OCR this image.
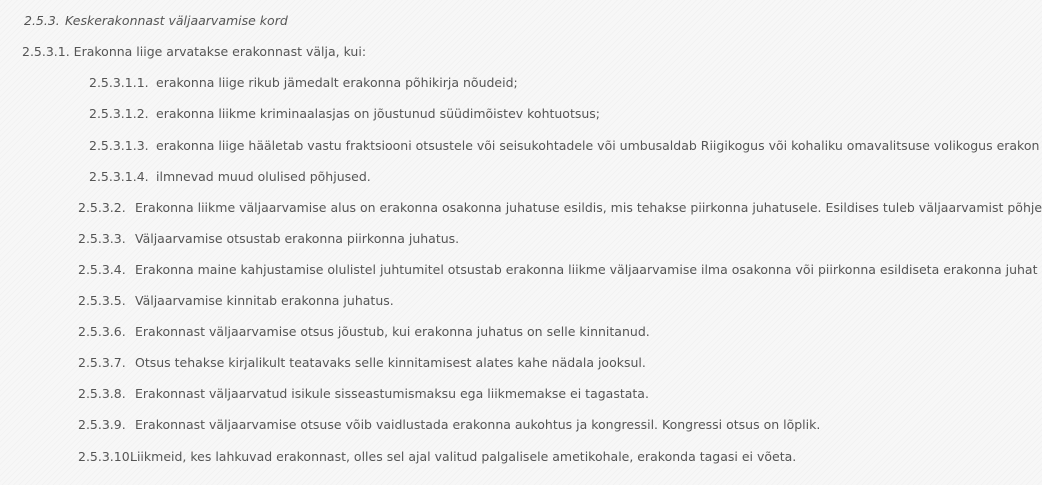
2.5.3. Keskerakonnast väljaarvamise kord
2.5.3.1. Erakonna liige arvatakse erakonnast välja, kui:
2.5.3.1.1. erakonna liige rikub jämedalt erakonna põhikirja nõudeid;
2.5.3.1.2. erakonna liikme kriminaalasjas on jõustunud süüdimõistev kohtuotsus;
2.5.3.1.3. erakonna liige hääletab vastu fraktsiooni otsustele või seisukohtadele või umbusaldab Riigikogus või kohaliku omavalitsuse volikogus erakon
2.5.3.1.4. ilmnevad muud olulised põhjused.
2.5.3.2. Erakonna liikme väljaarvamise alus on erakonna osakonna juhatuse esildis, mis tehakse piirkonna juhatusele. Esildises tuleb väljaarvamist põhje
2.5.3.3. Väljaarvamise otsustab erakonna piirkonna juhatus.
2.5.3.4. Erakonna maine kahjustamise olulistel juhtumitel otsustab erakonna liikme väljaarvamise ilma osakonna või piirkonna esildiseta erakonna juhat
2.5.3.5. Väljaarvamise kinnitab erakonna juhatus.
2.5.3.6. Erakonnast väljaarvamise otsus jõustub, kui erakonna juhatus on selle kinnitanud.
2.5.3.7. Otsus tehakse kirjalikult teatavaks selle kinnitamisest alates kahe nädala jooksul.
2.5.3.8. Erakonnast väljaarvatud isikule sisseastumismaksu ega liikmemakse ei tagastata.
2.5.3.9. Erakonnast väljaarvamise otsuse võib vaidlustada erakonna aukohtus ja kongressil. Kongressi otsus on lõplik.
2.5.3.10.Liikmeid, kes lahkuvad erakonnast, olles sel ajal valitud palgalisele ametikohale, erakonda tagasi ei võeta.
